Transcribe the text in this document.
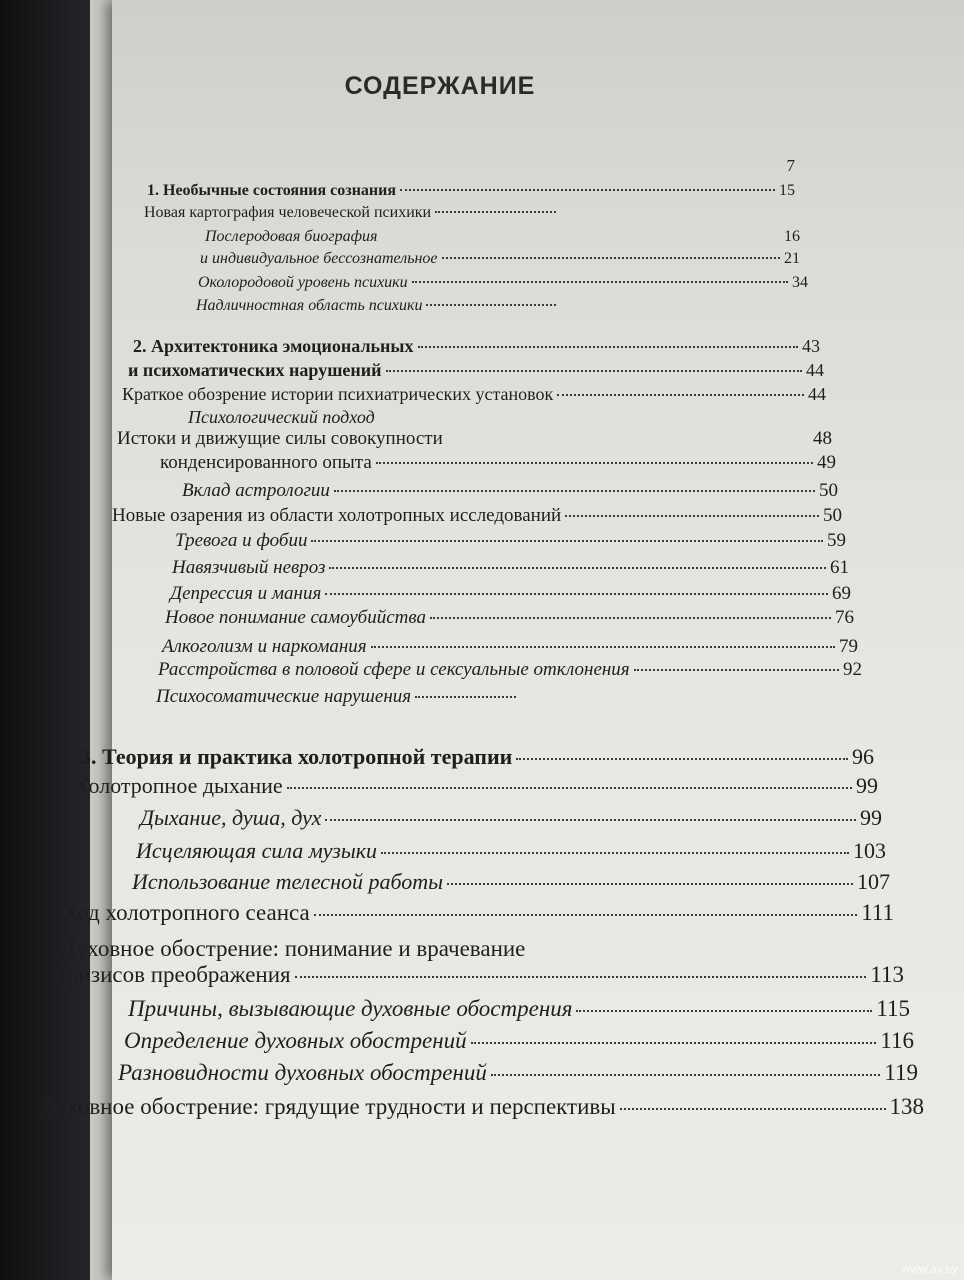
СОДЕРЖАНИЕ
7
1. Необычные состояния сознания	15
Новая картография человеческой психики
Послеродовая биография	16
и индивидуальное бессознательное	21
Околородовой уровень психики	34
Надличностная область психики
2. Архитектоника эмоциональных	43
и психоматических нарушений	44
Краткое обозрение истории психиатрических установок	44
Психологический подход
Истоки и движущие силы совокупности	48
конденсированного опыта	49
Вклад астрологии	50
Новые озарения из области холотропных исследований	50
Тревога и фобии	59
Навязчивый невроз	61
Депрессия и мания	69
Новое понимание самоубийства	76
Алкоголизм и наркомания	79
Расстройства в половой сфере и сексуальные отклонения	92
Психосоматические нарушения
3. Теория и практика холотропной терапии	96
Холотропное дыхание	99
Дыхание, душа, дух	99
Исцеляющая сила музыки	103
Использование телесной работы	107
Ход холотропного сеанса	111
Духовное обострение: понимание и врачевание
кризисов преображения	113
Причины, вызывающие духовные обострения	115
Определение духовных обострений	116
Разновидности духовных обострений	119
Духовное обострение: грядущие трудности и перспективы	138
www.ay.by
